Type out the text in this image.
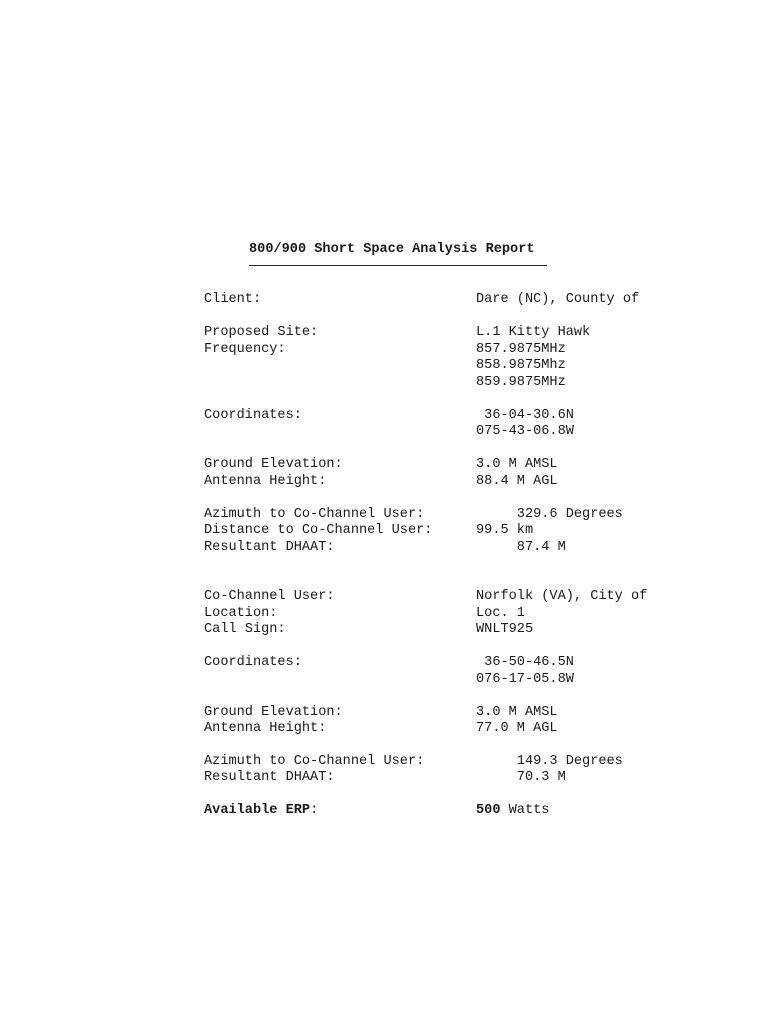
800/900 Short Space Analysis Report

Client:

	Dare (NC), County of

Proposed Site:

	L.1 Kitty Hawk

Frequency:

	857.9875MHz

858.9875Mhz

859.9875MHz

Coordinates:

	36-04-30.6N

075-43-06.8W

Ground Elevation:

	3.0 M AMSL

Antenna Height:

	88.4 M AGL

Azimuth to Co-Channel User:

	329.6 Degrees

Distance to Co-Channel User:

	99.5 km

Resultant DHAAT:

	87.4 M

Co-Channel User:

	Norfolk (VA), City of

Location:

	Loc. 1

Call Sign:

	WNLT925

Coordinates:

	36-50-46.5N

076-17-05.8W

Ground Elevation:

	3.0 M AMSL

Antenna Height:

	77.0 M AGL

Azimuth to Co-Channel User:

	149.3 Degrees

Resultant DHAAT:

	70.3 M

Available ERP:

	500 Watts
